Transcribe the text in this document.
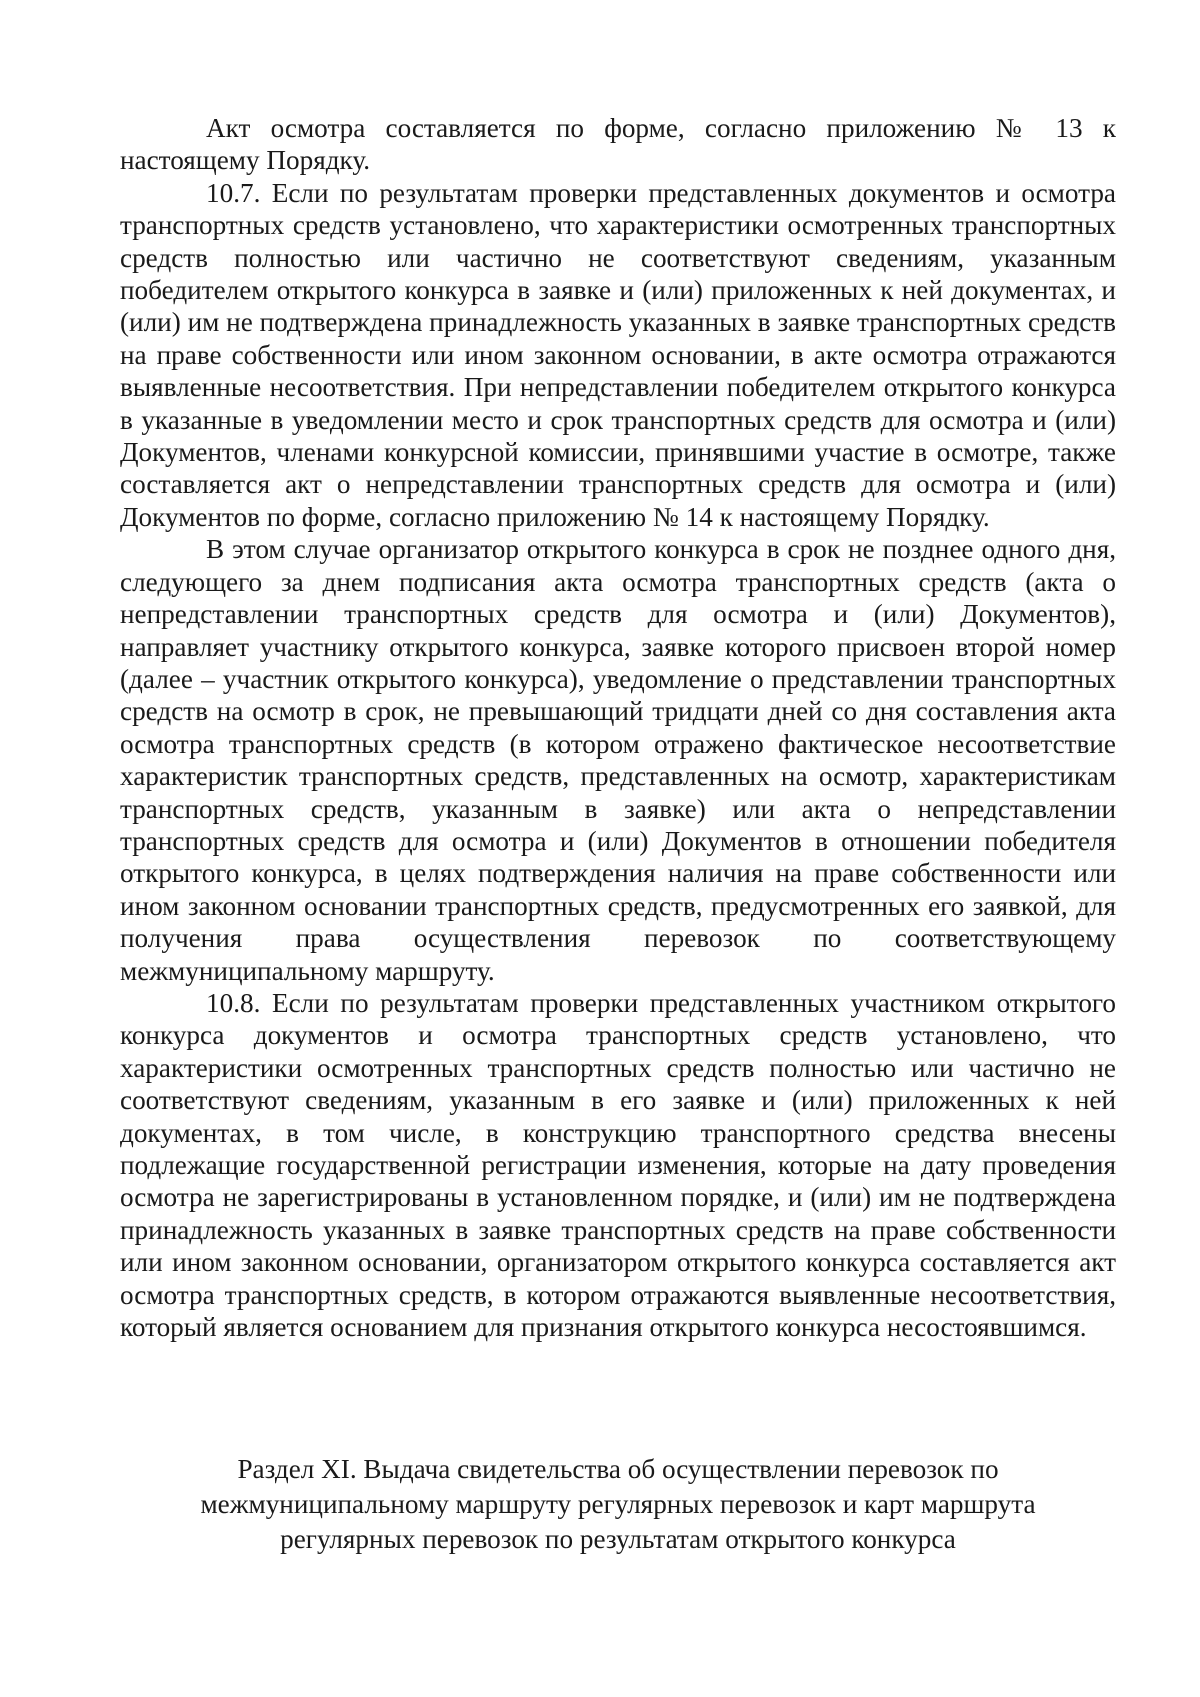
Акт осмотра составляется по форме, согласно приложению № 13 к настоящему Порядку.

10.7. Если по результатам проверки представленных документов и осмотра транспортных средств установлено, что характеристики осмотренных транспортных средств полностью или частично не соответствуют сведениям, указанным победителем открытого конкурса в заявке и (или) приложенных к ней документах, и (или) им не подтверждена принадлежность указанных в заявке транспортных средств на праве собственности или ином законном основании, в акте осмотра отражаются выявленные несоответствия. При непредставлении победителем открытого конкурса в указанные в уведомлении место и срок транспортных средств для осмотра и (или) Документов, членами конкурсной комиссии, принявшими участие в осмотре, также составляется акт о непредставлении транспортных средств для осмотра и (или) Документов по форме, согласно приложению № 14 к настоящему Порядку.

В этом случае организатор открытого конкурса в срок не позднее одного дня, следующего за днем подписания акта осмотра транспортных средств (акта о непредставлении транспортных средств для осмотра и (или) Документов), направляет участнику открытого конкурса, заявке которого присвоен второй номер (далее – участник открытого конкурса), уведомление о представлении транспортных средств на осмотр в срок, не превышающий тридцати дней со дня составления акта осмотра транспортных средств (в котором отражено фактическое несоответствие характеристик транспортных средств, представленных на осмотр, характеристикам транспортных средств, указанным в заявке) или акта о непредставлении транспортных средств для осмотра и (или) Документов в отношении победителя открытого конкурса, в целях подтверждения наличия на праве собственности или ином законном основании транспортных средств, предусмотренных его заявкой, для получения права осуществления перевозок по соответствующему межмуниципальному маршруту.

10.8. Если по результатам проверки представленных участником открытого конкурса документов и осмотра транспортных средств установлено, что характеристики осмотренных транспортных средств полностью или частично не соответствуют сведениям, указанным в его заявке и (или) приложенных к ней документах, в том числе, в конструкцию транспортного средства внесены подлежащие государственной регистрации изменения, которые на дату проведения осмотра не зарегистрированы в установленном порядке, и (или) им не подтверждена принадлежность указанных в заявке транспортных средств на праве собственности или ином законном основании, организатором открытого конкурса составляется акт осмотра транспортных средств, в котором отражаются выявленные несоответствия, который является основанием для признания открытого конкурса несостоявшимся.

Раздел XI. Выдача свидетельства об осуществлении перевозок по
межмуниципальному маршруту регулярных перевозок и карт маршрута
регулярных перевозок по результатам открытого конкурса
